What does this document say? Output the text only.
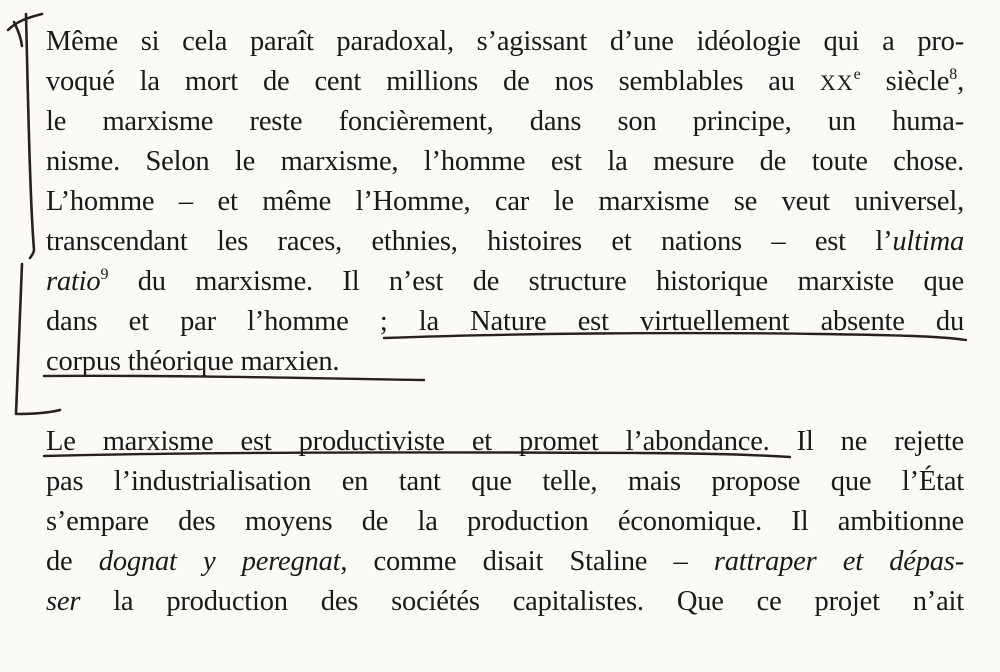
Même si cela paraît paradoxal, s’agissant d’une idéologie qui a pro-
voqué la mort de cent millions de nos semblables au XXe siècle$^8$,
le marxisme reste foncièrement, dans son principe, un huma-
nisme. Selon le marxisme, l’homme est la mesure de toute chose.
L’homme – et même l’Homme, car le marxisme se veut universel,
transcendant les races, ethnies, histoires et nations – est l’ultima
ratio$^9$ du marxisme. Il n’est de structure historique marxiste que
dans et par l’homme ; la Nature est virtuellement absente du
corpus théorique marxien.
Le marxisme est productiviste et promet l’abondance. Il ne rejette
pas l’industrialisation en tant que telle, mais propose que l’État
s’empare des moyens de la production économique. Il ambitionne
de dognat y peregnat, comme disait Staline – rattraper et dépas-
ser la production des sociétés capitalistes. Que ce projet n’ait
